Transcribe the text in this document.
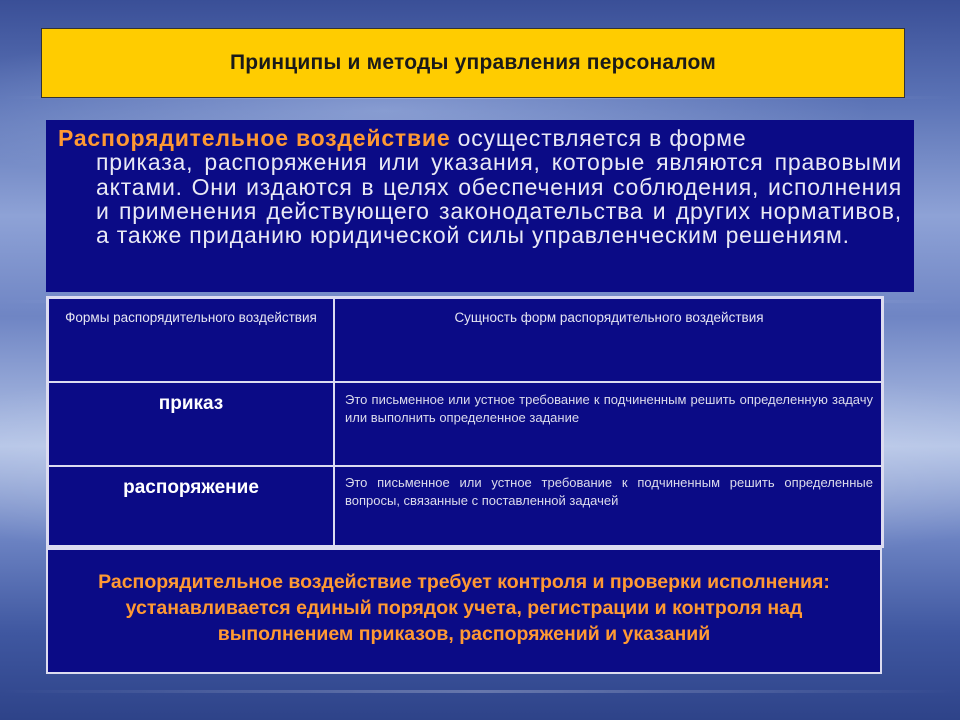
Принципы и методы управления персоналом

Распорядительное воздействие осуществляется в форме
приказа, распоряжения или указания, которые являются правовыми актами. Они издаются в целях обеспечения соблюдения, исполнения и применения действующего законодательства и других нормативов, а также приданию юридической силы управленческим решениям.

Формы распорядительного воздействия	Сущность форм распорядительного воздействия
приказ	Это письменное или устное требование к подчиненным решить определенную задачу или выполнить определенное задание
распоряжение	Это письменное или устное требование к подчиненным решить определенные вопросы, связанные с поставленной задачей
Распорядительное воздействие требует контроля и проверки исполнения: устанавливается единый порядок учета, регистрации и контроля над выполнением приказов, распоряжений и указаний
